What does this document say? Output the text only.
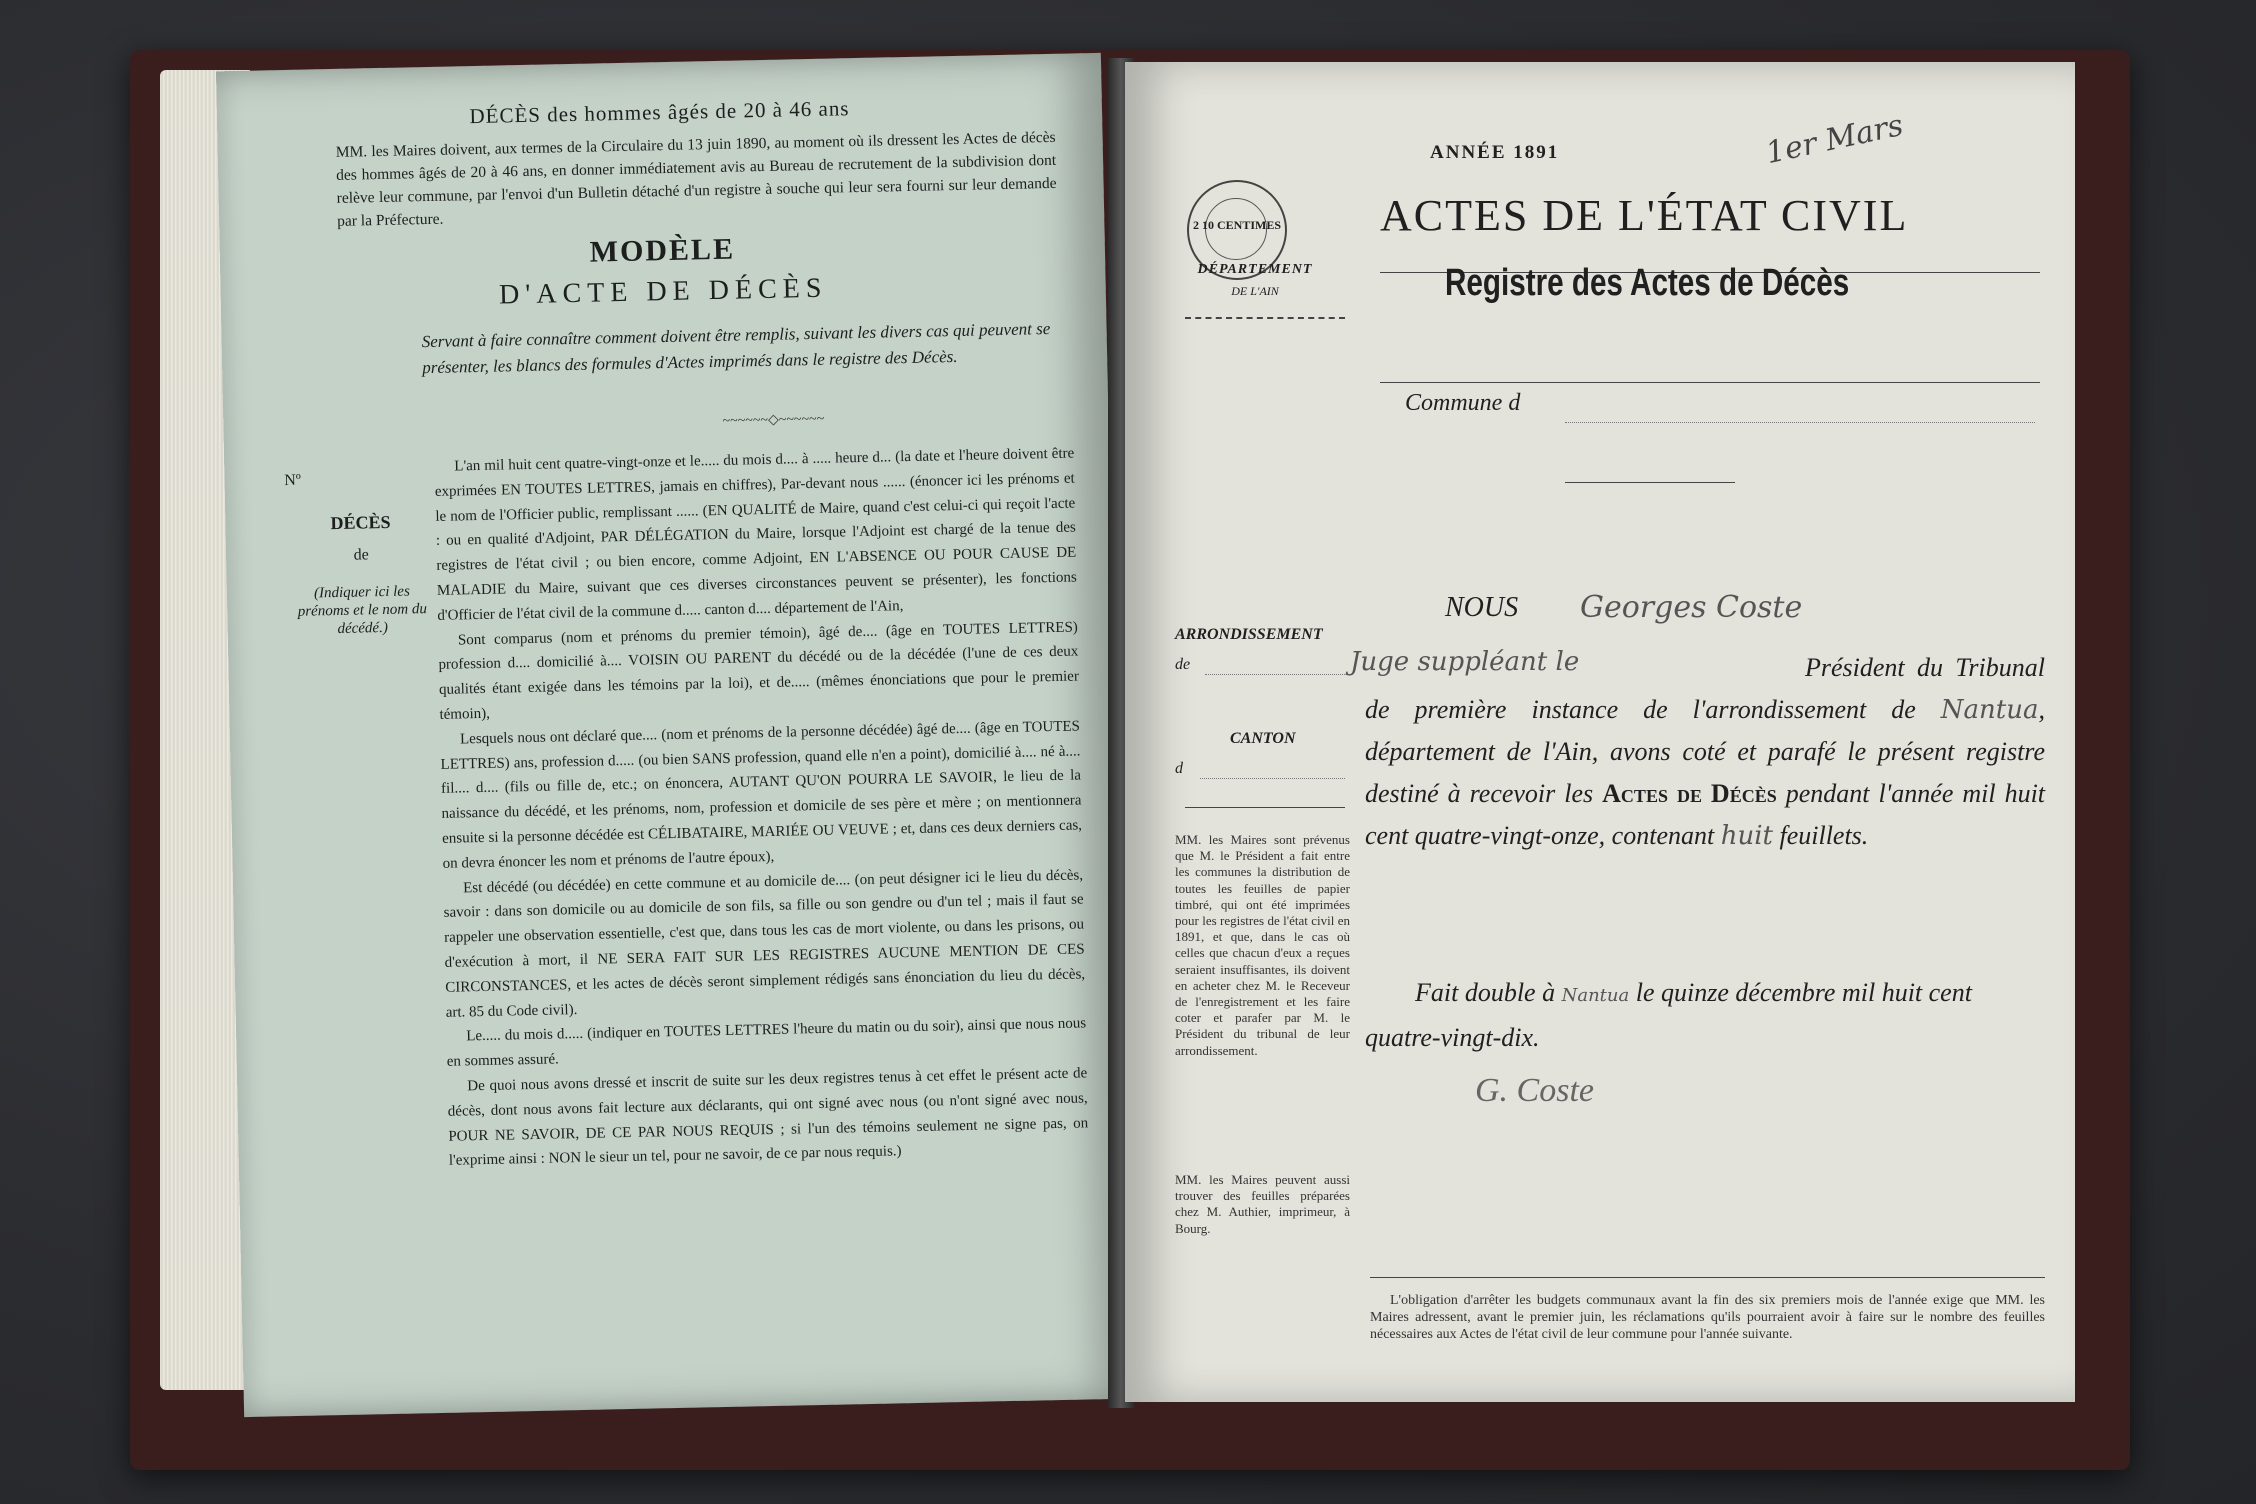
DÉCÈS des hommes âgés de 20 à 46 ans
MM. les Maires doivent, aux termes de la Circulaire du 13 juin 1890, au moment où ils dressent les Actes de décès des hommes âgés de 20 à 46 ans, en donner immédiatement avis au Bureau de recrutement de la subdivision dont relève leur commune, par l'envoi d'un Bulletin détaché d'un registre à souche qui leur sera fourni sur leur demande par la Préfecture.
MODÈLE
D'ACTE DE DÉCÈS
Servant à faire connaître comment doivent être remplis, suivant les divers cas qui peuvent se présenter, les blancs des formules d'Actes imprimés dans le registre des Décès.
~~~~~~◇~~~~~~
Nº
DÉCÈS
de
(Indiquer ici les prénoms et le nom du décédé.)

L'an mil huit cent quatre-vingt-onze et le..... du mois d.... à ..... heure d... (la date et l'heure doivent être exprimées EN TOUTES LETTRES, jamais en chiffres), Par-devant nous ...... (énoncer ici les prénoms et le nom de l'Officier public, remplissant ...... (EN QUALITÉ de Maire, quand c'est celui-ci qui reçoit l'acte : ou en qualité d'Adjoint, PAR DÉLÉGATION du Maire, lorsque l'Adjoint est chargé de la tenue des registres de l'état civil ; ou bien encore, comme Adjoint, EN L'ABSENCE OU POUR CAUSE DE MALADIE du Maire, suivant que ces diverses circonstances peuvent se présenter), les fonctions d'Officier de l'état civil de la commune d..... canton d.... département de l'Ain,

Sont comparus (nom et prénoms du premier témoin), âgé de.... (âge en TOUTES LETTRES) profession d.... domicilié à.... VOISIN OU PARENT du décédé ou de la décédée (l'une de ces deux qualités étant exigée dans les témoins par la loi), et de..... (mêmes énonciations que pour le premier témoin),

Lesquels nous ont déclaré que.... (nom et prénoms de la personne décédée) âgé de.... (âge en TOUTES LETTRES) ans, profession d..... (ou bien SANS profession, quand elle n'en a point), domicilié à.... né à.... fil.... d.... (fils ou fille de, etc.; on énoncera, AUTANT QU'ON POURRA LE SAVOIR, le lieu de la naissance du décédé, et les prénoms, nom, profession et domicile de ses père et mère ; on mentionnera ensuite si la personne décédée est CÉLIBATAIRE, MARIÉE OU VEUVE ; et, dans ces deux derniers cas, on devra énoncer les nom et prénoms de l'autre époux),

Est décédé (ou décédée) en cette commune et au domicile de.... (on peut désigner ici le lieu du décès, savoir : dans son domicile ou au domicile de son fils, sa fille ou son gendre ou d'un tel ; mais il faut se rappeler une observation essentielle, c'est que, dans tous les cas de mort violente, ou dans les prisons, ou d'exécution à mort, il NE SERA FAIT SUR LES REGISTRES AUCUNE MENTION DE CES CIRCONSTANCES, et les actes de décès seront simplement rédigés sans énonciation du lieu du décès, art. 85 du Code civil).

Le..... du mois d..... (indiquer en TOUTES LETTRES l'heure du matin ou du soir), ainsi que nous nous en sommes assuré.

De quoi nous avons dressé et inscrit de suite sur les deux registres tenus à cet effet le présent acte de décès, dont nous avons fait lecture aux déclarants, qui ont signé avec nous (ou n'ont signé avec nous, POUR NE SAVOIR, DE CE PAR NOUS REQUIS ; si l'un des témoins seulement ne signe pas, on l'exprime ainsi : NON le sieur un tel, pour ne savoir, de ce par nous requis.)

ANNÉE 1891	1er Mars
2 10 CENTIMES
DÉPARTEMENT
DE L'AIN
ACTES DE L'ÉTAT CIVIL
Registre des Actes de Décès
Commune d
ARRONDISSEMENT
de
CANTON
d
MM. les Maires sont prévenus que M. le Président a fait entre les communes la distribution de toutes les feuilles de papier timbré, qui ont été imprimées pour les registres de l'état civil en 1891, et que, dans le cas où celles que chacun d'eux a reçues seraient insuffisantes, ils doivent en acheter chez M. le Receveur de l'enregistrement et les faire coter et parafer par M. le Président du tribunal de leur arrondissement.
MM. les Maires peuvent aussi trouver des feuilles préparées chez M. Authier, imprimeur, à Bourg.
NOUS Georges Coste
Juge suppléant le	Président du Tribunal de première instance de l'arrondissement de Nantua, département de l'Ain, avons coté et parafé le présent registre destiné à recevoir les Actes de Décès pendant l'année mil huit cent quatre-vingt-onze, contenant huit feuillets.
Fait double à Nantua le quinze décembre mil huit cent quatre-vingt-dix.
G. Coste
L'obligation d'arrêter les budgets communaux avant la fin des six premiers mois de l'année exige que MM. les Maires adressent, avant le premier juin, les réclamations qu'ils pourraient avoir à faire sur le nombre des feuilles nécessaires aux Actes de l'état civil de leur commune pour l'année suivante.
